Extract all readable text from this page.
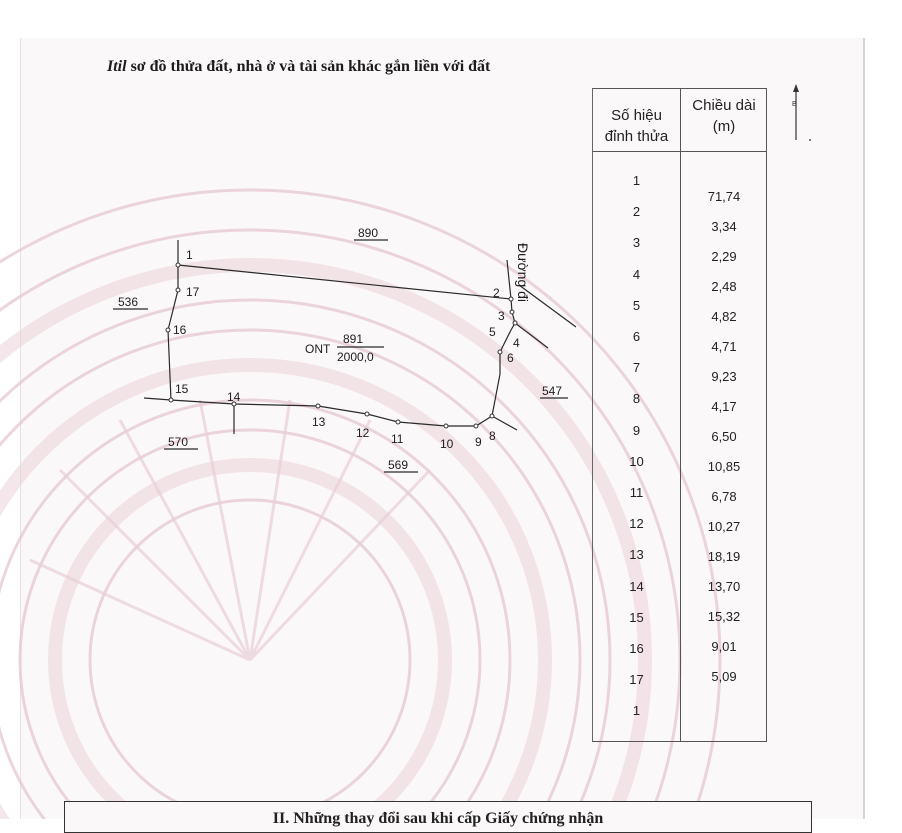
Itil sơ đồ thửa đất, nhà ở và tài sản khác gắn liền với đất
1
2
3
4
5
6
8
9
10
11
12
13
14
15
16
17
890
536
547
570
569
ONT
891
2000,0
Đường đi
Số hiệu
đỉnh thửa
Chiều dài
(m)
1
2
3
4
5
6
7
8
9
10
11
12
13
14
15
16
17
1
71,74
3,34
2,29
2,48
4,82
4,71
9,23
4,17
6,50
10,85
6,78
10,27
18,19
13,70
15,32
9,01
5,09
B
II. Những thay đổi sau khi cấp Giấy chứng nhận
